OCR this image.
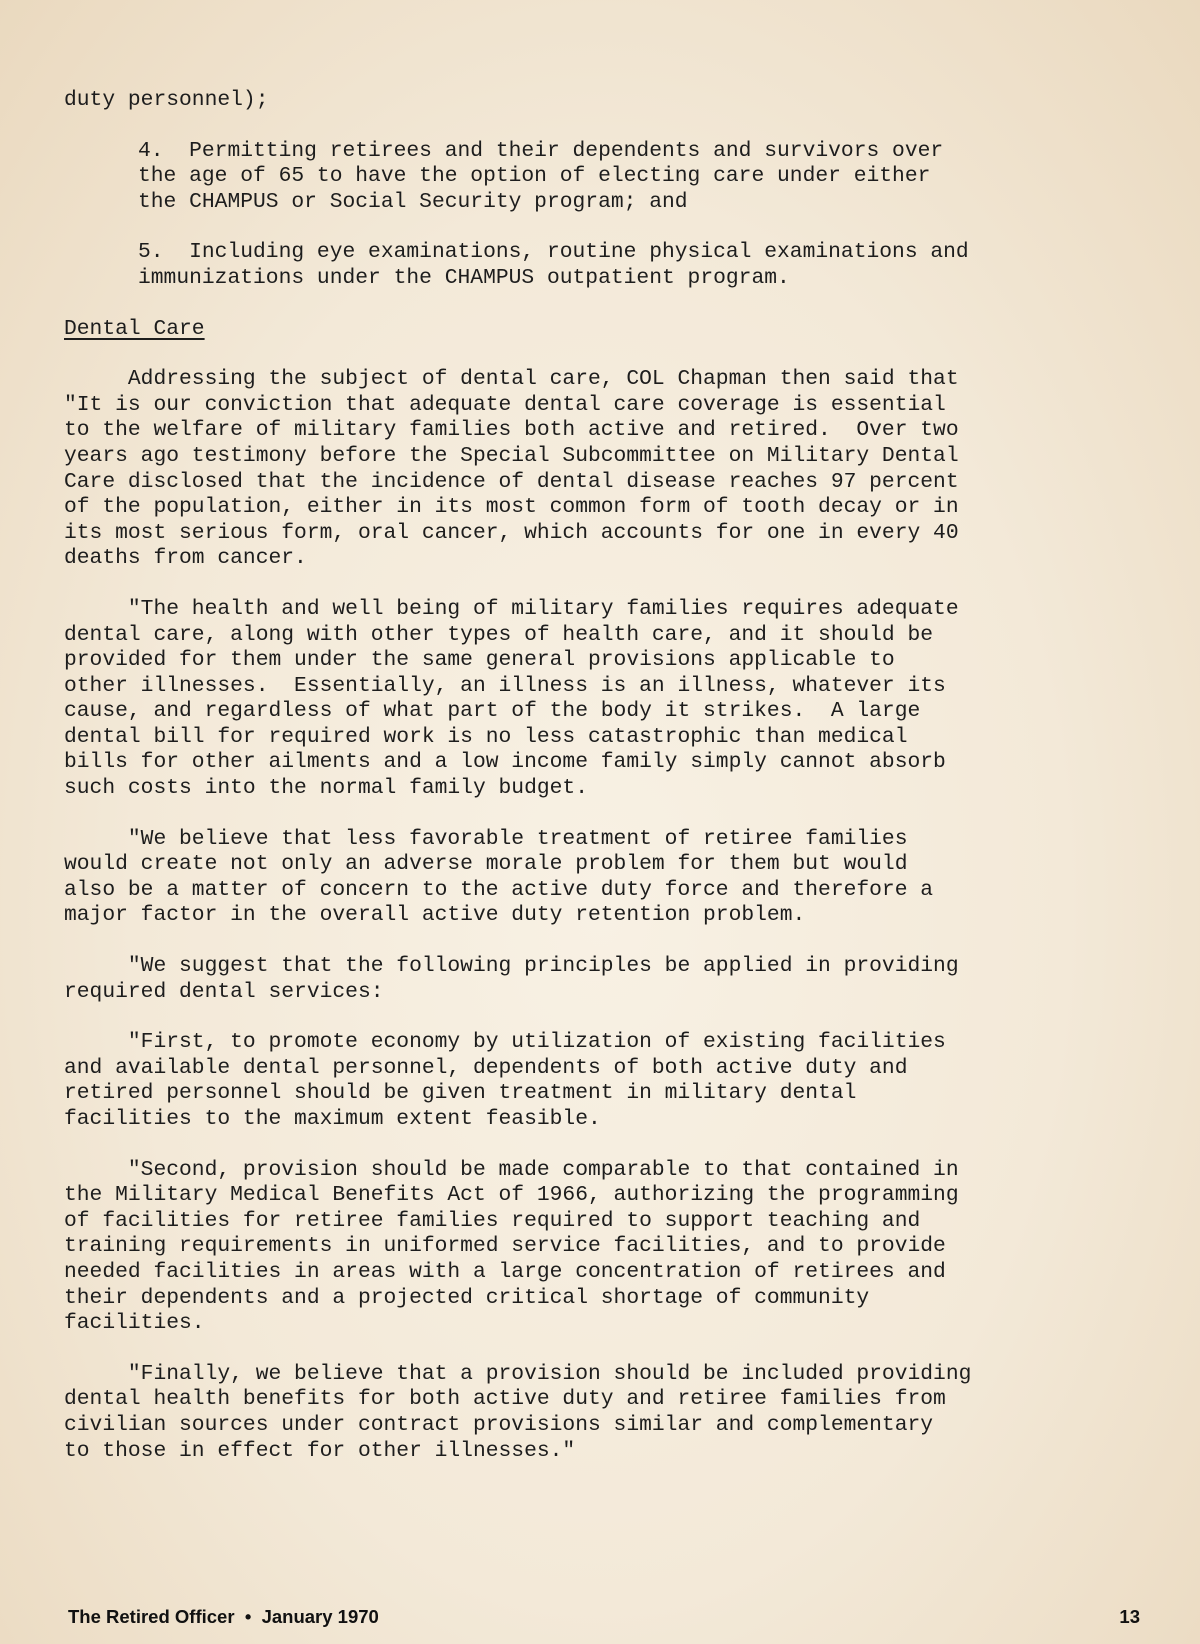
duty personnel);
4.  Permitting retirees and their dependents and survivors over
the age of 65 to have the option of electing care under either
the CHAMPUS or Social Security program; and
5.  Including eye examinations, routine physical examinations and
immunizations under the CHAMPUS outpatient program.
Dental Care
Addressing the subject of dental care, COL Chapman then said that
"It is our conviction that adequate dental care coverage is essential
to the welfare of military families both active and retired.  Over two
years ago testimony before the Special Subcommittee on Military Dental
Care disclosed that the incidence of dental disease reaches 97 percent
of the population, either in its most common form of tooth decay or in
its most serious form, oral cancer, which accounts for one in every 40
deaths from cancer.
"The health and well being of military families requires adequate
dental care, along with other types of health care, and it should be
provided for them under the same general provisions applicable to
other illnesses.  Essentially, an illness is an illness, whatever its
cause, and regardless of what part of the body it strikes.  A large
dental bill for required work is no less catastrophic than medical
bills for other ailments and a low income family simply cannot absorb
such costs into the normal family budget.
"We believe that less favorable treatment of retiree families
would create not only an adverse morale problem for them but would
also be a matter of concern to the active duty force and therefore a
major factor in the overall active duty retention problem.
"We suggest that the following principles be applied in providing
required dental services:
"First, to promote economy by utilization of existing facilities
and available dental personnel, dependents of both active duty and
retired personnel should be given treatment in military dental
facilities to the maximum extent feasible.
"Second, provision should be made comparable to that contained in
the Military Medical Benefits Act of 1966, authorizing the programming
of facilities for retiree families required to support teaching and
training requirements in uniformed service facilities, and to provide
needed facilities in areas with a large concentration of retirees and
their dependents and a projected critical shortage of community
facilities.
"Finally, we believe that a provision should be included providing
dental health benefits for both active duty and retiree families from
civilian sources under contract provisions similar and complementary
to those in effect for other illnesses."
The Retired Officer  •  January 1970	13
